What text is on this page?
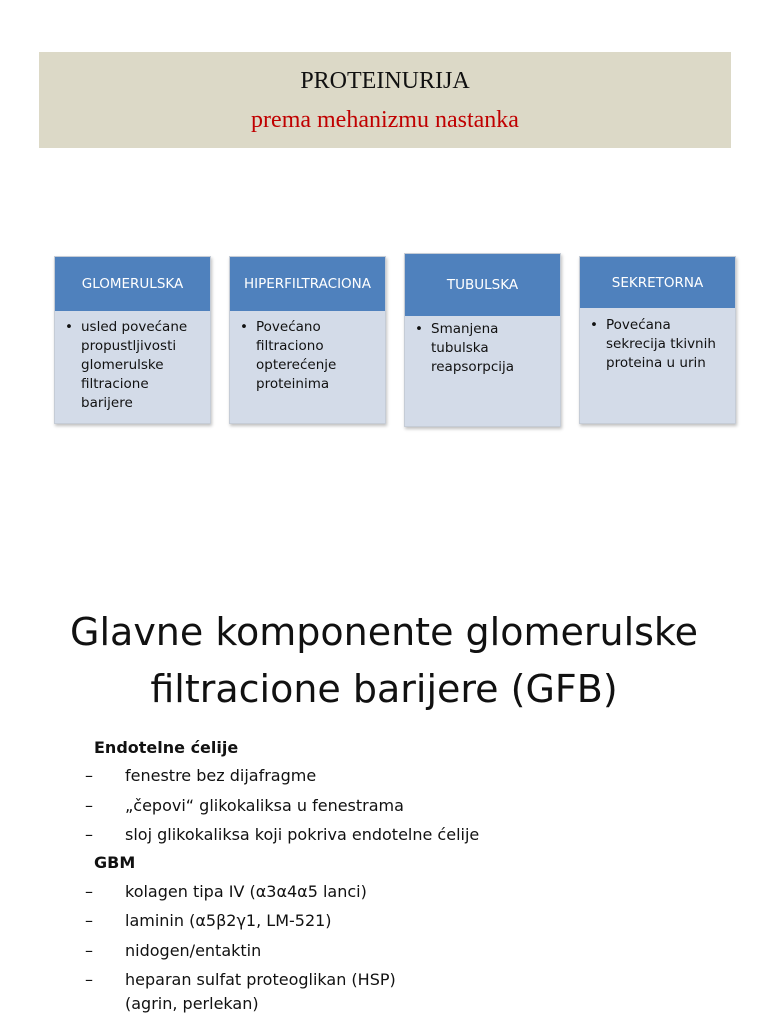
PROTEINURIJA
prema mehanizmu nastanka
GLOMERULSKA
• usled povećane propustljivosti glomerulske filtracione barijere
HIPERFILTRACIONA
• Povećano filtraciono opterećenje proteinima
TUBULSKA
• Smanjena tubulska reapsorpcija
SEKRETORNA
• Povećana sekrecija tkivnih proteina u urin
Glavne komponente glomerulske
filtracione barijere (GFB)
Endotelne ćelije
– fenestre bez dijafragme
– „čepovi“ glikokaliksa u fenestrama
– sloj glikokaliksa koji pokriva endotelne ćelije
GBM
– kolagen tipa IV (α3α4α5 lanci)
– laminin (α5β2γ1, LM-521)
– nidogen/entaktin
– heparan sulfat proteoglikan (HSP)
(agrin, perlekan)
